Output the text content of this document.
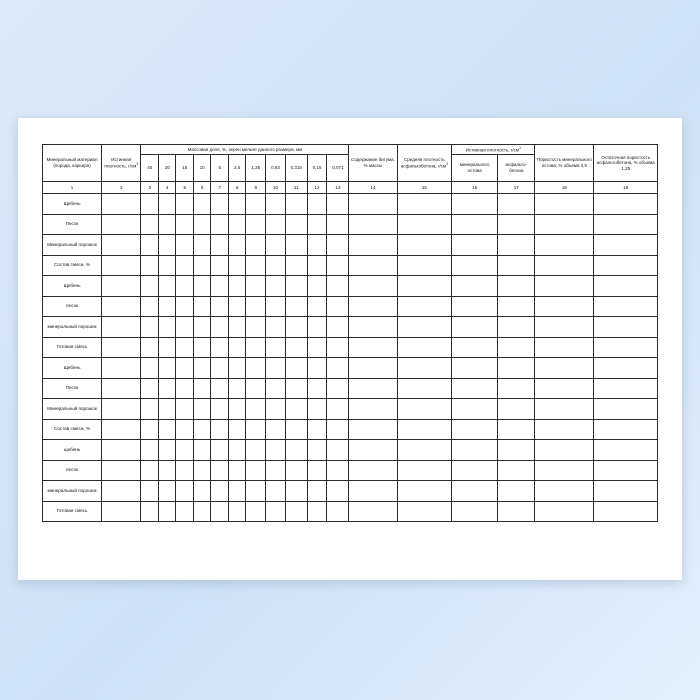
Минеральный материал (порода, карьера)	Истинная плотность, $г/см^3$	Массовая доля, %, зерен мельче данного размера, мм											Содержание битума, % массы	Средняя плотность асфальтобетона, $г/см^3$	Истинная плотность, $г/см^3$		Пористость минерального остова, % объема 2,5	Остаточная пористость асфальтобетона, % объема 1,25
		40	20	15	10	5	2,5	1,25	0,63	0,315	0,16	0,071			минерального остова	асфальто-бетона		

1	2	3	4	5	6	7	8	9	10	11	12	13	14	15	16	17	18	19
Щебень																		
Песок																		
Минеральный порошок																		
Состав смеси, %																		
Щебень																		
песок																		
минеральный порошок																		
Готовая смесь																		
Щебень																		
Песок																		
Минеральный порошок																		
Состав смеси, %																		
щебень																		
песок																		
минеральный порошок																		
Готовая смесь																		
